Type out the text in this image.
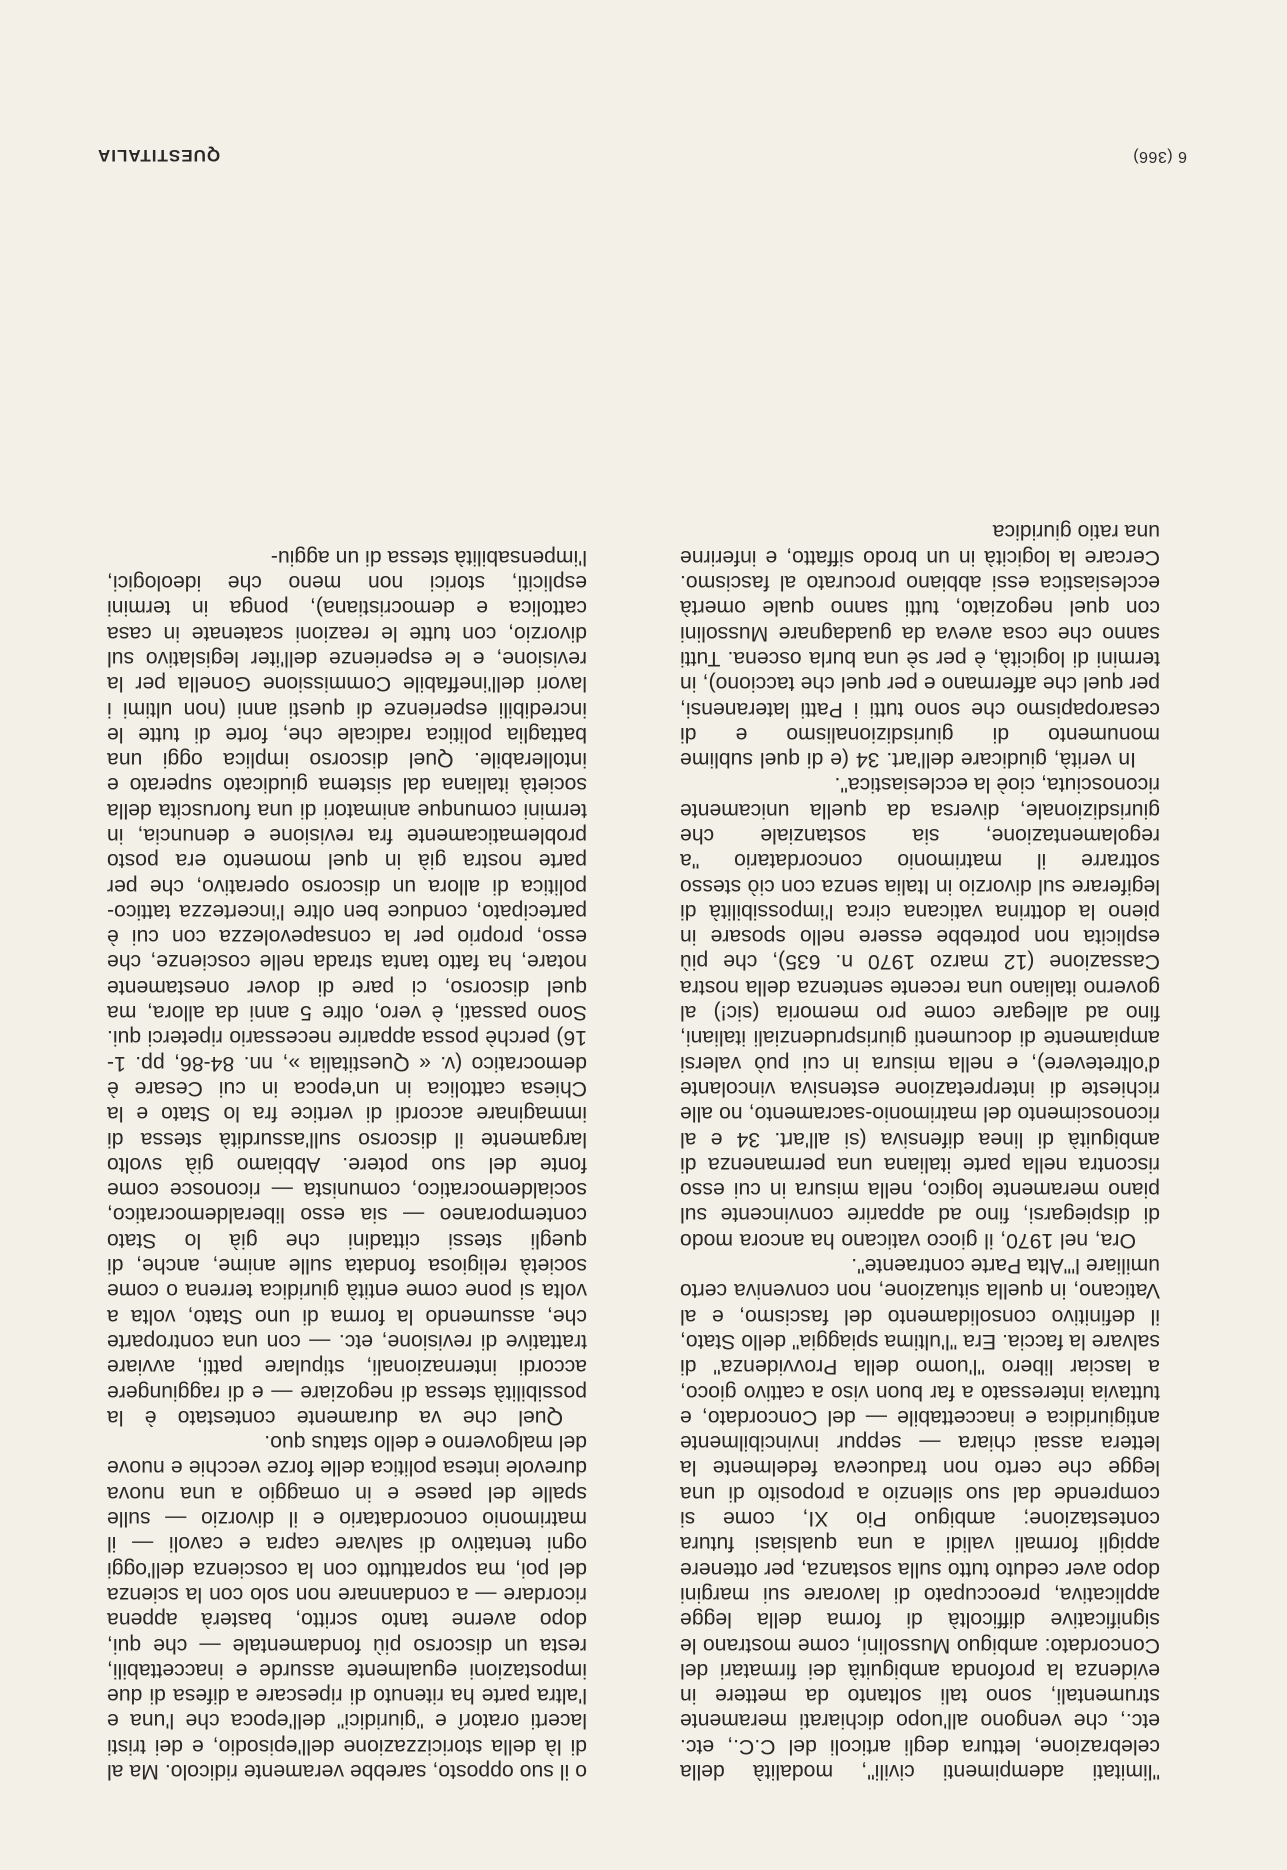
"limitati adempimenti civili", modalità della celebrazione, lettura degli articoli del C.C., etc. etc., che vengono all'uopo dichiarati meramente strumentali, sono tali soltanto da mettere in evidenza la profonda ambiguità dei firmatari del Concordato: ambiguo Mussolini, come mostrano le significative difficoltà di forma della legge applicativa, preoccupato di lavorare sui margini dopo aver ceduto tutto sulla sostanza, per ottenere appigli formali validi a una qualsiasi futura contestazione; ambiguo Pio XI, come si comprende dal suo silenzio a proposito di una legge che certo non traduceva fedelmente la lettera assai chiara — seppur invincibilmente antigiuridica e inaccettabile — del Concordato, e tuttavia interessato a far buon viso a cattivo gioco, a lasciar libero "l'uomo della Provvidenza" di salvare la faccia. Era "l'ultima spiaggia" dello Stato, il definitivo consolidamento del fascismo, e al Vaticano, in quella situazione, non conveniva certo umiliare l'"Alta Parte contraente".

Ora, nel 1970, il gioco vaticano ha ancora modo di dispiegarsi, fino ad apparire convincente sul piano meramente logico, nella misura in cui esso riscontra nella parte italiana una permanenza di ambiguità di linea difensiva (si all'art. 34 e al riconoscimento del matrimonio-sacramento, no alle richieste di interpretazione estensiva vincolante d'oltretevere), e nella misura in cui può valersi ampiamente di documenti giurisprudenziali italiani, fino ad allegare come pro memoria (sic!) al governo italiano una recente sentenza della nostra Cassazione (12 marzo 1970 n. 635), che più esplicita non potrebbe essere nello sposare in pieno la dottrina vaticana circa l'impossibilità di legiferare sul divorzio in Italia senza con ciò stesso sottrarre il matrimonio concordatario "a regolamentazione, sia sostanziale che giurisdizionale, diversa da quella unicamente riconosciuta, cioè la ecclesiastica".

In verità, giudicare dell'art. 34 (e di quel sublime monumento di giurisdizionalismo e di cesaropapismo che sono tutti i Patti lateranensi, per quel che affermano e per quel che tacciono), in termini di logicità, è per sè una burla oscena. Tutti sanno che cosa aveva da guadagnare Mussolini con quel negoziato, tutti sanno quale omertà ecclesiastica essi abbiano procurato al fascismo. Cercare la logicità in un brodo siffatto, e inferirne una ratio giuridica

o il suo opposto, sarebbe veramente ridicolo. Ma al di là della storicizzazione dell'episodio, e dei tristi lacerti oratorî e "giuridici" dell'epoca che l'una e l'altra parte ha ritenuto di ripescare a difesa di due impostazioni egualmente assurde e inaccettabili, resta un discorso più fondamentale — che qui, dopo averne tanto scritto, basterà appena ricordare — a condannare non solo con la scienza del poi, ma soprattutto con la coscienza dell'oggi ogni tentativo di salvare capra e cavoli — il matrimonio concordatario e il divorzio — sulle spalle del paese e in omaggio a una nuova durevole intesa politica delle forze vecchie e nuove del malgoverno e dello status quo.

Quel che va duramente contestato è la possibilità stessa di negoziare — e di raggiungere accordi internazionali, stipulare patti, avviare trattative di revisione, etc. — con una controparte che, assumendo la forma di uno Stato, volta a volta si pone come entità giuridica terrena o come società religiosa fondata sulle anime, anche, di quegli stessi cittadini che già lo Stato contemporaneo — sia esso liberaldemocratico, socialdemocratico, comunista — riconosce come fonte del suo potere. Abbiamo già svolto largamente il discorso sull'assurdità stessa di immaginare accordi di vertice fra lo Stato e la Chiesa cattolica in un'epoca in cui Cesare è democratico (v. « Questitalia », nn. 84-86, pp. 1-16) perchè possa apparire necessario ripeterci qui. Sono passati, è vero, oltre 5 anni da allora, ma quel discorso, ci pare di dover onestamente notare, ha fatto tanta strada nelle coscienze, che esso, proprio per la consapevolezza con cui è partecipato, conduce ben oltre l'incertezza tattico-politica di allora un discorso operativo, che per parte nostra già in quel momento era posto problematicamente fra revisione e denuncia, in termini comunque animatori di una fuoruscita della società italiana dal sistema giudicato superato e intollerabile. Quel discorso implica oggi una battaglia politica radicale che, forte di tutte le incredibili esperienze di questi anni (non ultimi i lavori dell'ineffabile Commissione Gonella per la revisione, e le esperienze dell'iter legislativo sul divorzio, con tutte le reazioni scatenate in casa cattolica e democristiana), ponga in termini espliciti, storici non meno che ideologici, l'impensabilità stessa di un aggiu-

6 (366)
QUESTITALIA
